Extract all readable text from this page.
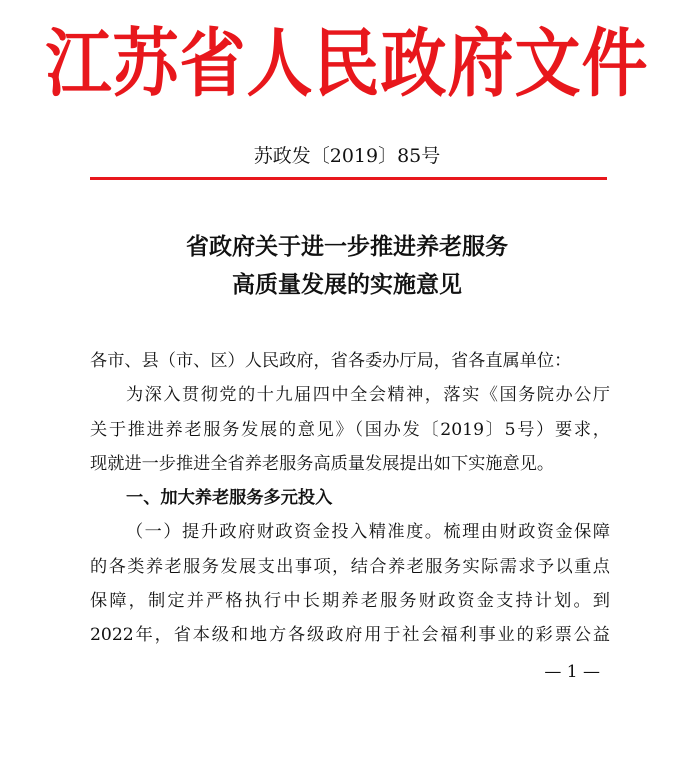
江苏省人民政府文件
苏政发〔2019〕85号
省政府关于进一步推进养老服务
高质量发展的实施意见
各市、县（市、区）人民政府，省各委办厅局，省各直属单位：
为深入贯彻党的十九届四中全会精神，落实《国务院办公厅
关于推进养老服务发展的意见》（国办发〔2019〕5号）要求，
现就进一步推进全省养老服务高质量发展提出如下实施意见。
一、加大养老服务多元投入
（一）提升政府财政资金投入精准度。梳理由财政资金保障
的各类养老服务发展支出事项，结合养老服务实际需求予以重点
保障，制定并严格执行中长期养老服务财政资金支持计划。到
2022年，省本级和地方各级政府用于社会福利事业的彩票公益
— 1 —
